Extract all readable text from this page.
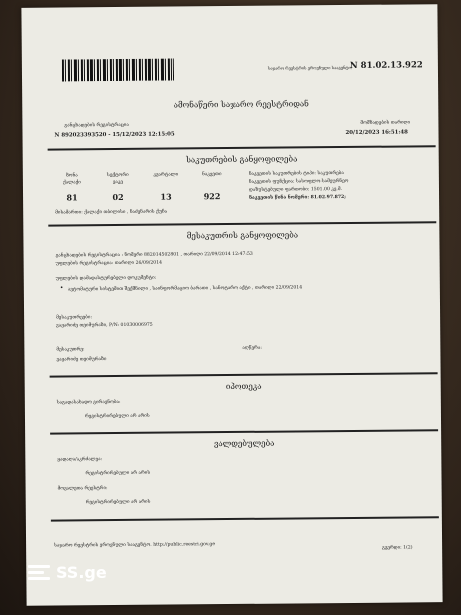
საჯარო რეესტრის ეროვნული სააგენტო
N 81.02.13.922
ამონაწერი საჯარო რეესტრიდან
განცხადების რეგისტრაცია
N 892023393520 - 15/12/2023 12:15:05
მომზადების თარიღი
20/12/2023 16:51:48
საკუთრების განყოფილება
ზონა
ქალაქი
81
სექტორი
ვაკე
02
კვარტალი
13
ნაკვეთი
922
ნაკვეთის საკუთრების ტიპი: საკუთრება
ნაკვეთის ფუნქცია: სასოფლო-სამეურნეო
დაზუსტებული ფართობი: 1501.00 კვ.მ.
ნაკვეთის წინა ნომერი: 81.02.97.872;
მისამართი: ქალაქი თბილისი , ნაძვნარის ქუჩა
მესაკუთრის განყოფილება
განცხადების რეგისტრაცია : ნომერი 882014502801 , თარიღი 22/09/2014 12:47:53
უფლების რეგისტრაცია: თარიღი 26/09/2014
უფლების დამადასტურებელი დოკუმენტი:
• ავტომატური სისტემით შექმნილი , საინფორმაციო ბარათი , სანოტარო აქტი , თარიღი 22/09/2014
მესაკუთრეები:
ვაჟარიძე თეიმურაზი, P/N: 01030006975
მესაკუთრე:	აღწერა:
ვაჟარიძე თეიმურაზი
იპოთეკა
საგადასახადო გირავნობა:
რეგისტრირებული არ არის
ვალდებულება
ყადაღა/აკრძალვა:
რეგისტრირებული არ არის
მოვალეთა რეესტრი:
რეგისტრირებული არ არის
საჯარო რეესტრის ეროვნული სააგენტო. http://public.reestri.gov.ge	გვერდი: 1(2)
SS.ge
